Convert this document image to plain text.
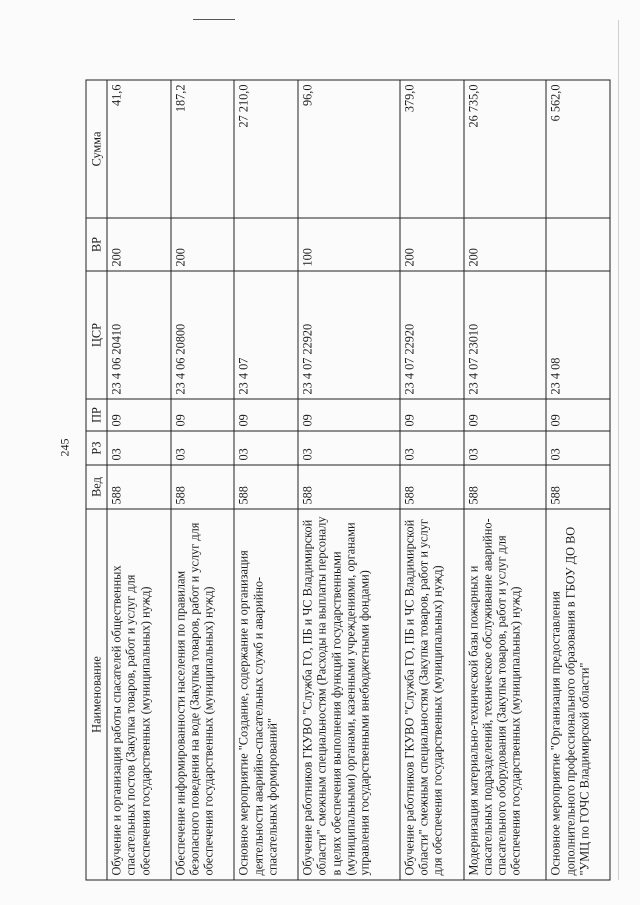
245
Наименование	Вед	РЗ	ПР	ЦСР	ВР	Сумма
Обучение и организация работы спасателей общественных спасательных постов (Закупка товаров, работ и услуг для обеспечения государственных (муниципальных) нужд)	588	03	09	23 4 06 20410	200	41,6
Обеспечение информированности населения по правилам безопасного поведения на воде (Закупка товаров, работ и услуг для обеспечения государственных (муниципальных) нужд)	588	03	09	23 4 06 20800	200	187,2
Основное мероприятие "Создание, содержание и организация деятельности аварийно-спасательных служб и аварийно-спасательных формирований"	588	03	09	23 4 07		27 210,0
Обучение работников ГКУВО "Служба ГО, ПБ и ЧС Владимирской области" смежным специальностям (Расходы на выплаты персоналу в целях обеспечения выполнения функций государственными (муниципальными) органами, казенными учреждениями, органами управления государственными внебюджетными фондами)	588	03	09	23 4 07 22920	100	96,0
Обучение работников ГКУВО "Служба ГО, ПБ и ЧС Владимирской области" смежным специальностям (Закупка товаров, работ и услуг для обеспечения государственных (муниципальных) нужд)	588	03	09	23 4 07 22920	200	379,0
Модернизация материально-технической базы пожарных и спасательных подразделений, техническое обслуживание аварийно-спасательного оборудования (Закупка товаров, работ и услуг для обеспечения государственных (муниципальных) нужд)	588	03	09	23 4 07 23010	200	26 735,0
Основное мероприятие "Организация предоставления дополнительного профессионального образования в ГБОУ ДО ВО "УМЦ по ГОЧС Владимирской области"	588	03	09	23 4 08		6 562,0
